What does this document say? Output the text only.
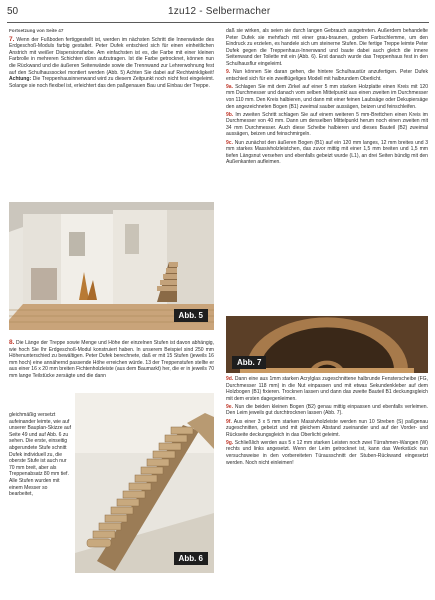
50	1zu12 - Selbermacher

Fortsetzung von Seite 47

7. Wenn der Fußboden fertiggestellt ist, werden im nächsten Schritt die Innenwände des Erdgeschoß-Moduls farbig gestaltet. Peter Dufek entschied sich für einen einheitlichen Anstrich mit weißer Dispersionsfarbe. Am einfachsten ist es, die Farbe mit einer kleinen Farbrolle in mehreren Schichten dünn aufzutragen. Ist die Farbe getrocknet, können nun die Rückwand und die äußeren Seitenwände sowie die Trennwand zur Lehrerwohnung fest auf den Schulhaussockel montiert werden (Abb. 5) Achten Sie dabei auf Rechtwinkligkeit! Achtung: Die Treppenhausinnenwand wird zu diesem Zeitpunkt noch nicht fest eingeleimt. Solange sie noch flexibel ist, erleichtert das den paßgenauen Bau und Einbau der Treppe.

Abb. 5

8. Die Länge der Treppe sowie Menge und Höhe der einzelnen Stufen ist davon abhängig, wie hoch Sie Ihr Erdgeschoß-Modul konstruiert haben. In unserem Beispiel sind 250 mm Höhenunterschied zu bewältigen. Peter Dufek berechnete, daß er mit 15 Stufen (jeweils 16 mm hoch) eine annähernd passende Höhe erreichen würde. 13 der Treppenstufen stellte er aus einer 16 x 20 mm breiten Fichtenholzleiste (aus dem Baumarkt) her, die er in jeweils 70 mm lange Teilstücke zersägte und die dann

gleichmäßig versetzt aufeinander leimte, wie auf unserer Bauplan-Skizze auf Seite 49 und auf Abb. 6 zu sehen. Die erste, einseitig abgerundete Stufe schnitt Dufek individuell zu, die oberste Stufe ist auch nur 70 mm breit, aber als Treppenabsatz 80 mm tief. Alle Stufen wurden mit einem Messer so bearbeitet,

Abb. 6

daß sie wirken, als seien sie durch langen Gebrauch ausgetreten. Außerdem behandelte Peter Dufek sie mehrfach mit einer grau-braunen, groben Farbschlemme, um den Eindruck zu erzielen, es handele sich um steinerne Stufen. Die fertige Treppe leimte Peter Dufek gegen die Treppenhaus-Innenwand und baute dabei auch gleich die innere Seitenwand der Toilette mit ein (Abb. 6). Erst danach wurde das Treppenhaus fest in den Schulhausflur eingeleimt.

9. Nun können Sie daran gehen, die hintere Schulhaustür anzufertigen. Peter Dufek entschied sich für ein zweiflügeliges Modell mit halbrundem Oberlicht.

9a. Schlagen Sie mit dem Zirkel auf einer 5 mm starken Holzplatte einen Kreis mit 120 mm Durchmesser und danach vom selben Mittelpunkt aus einen zweiten im Durchmesser von 110 mm. Den Kreis halbieren, und dann mit einer feinen Laubsäge oder Dekupiersäge den angezeichneten Bogen (B1) zweimal sauber aussägen, beizen und feinschleifen.

9b. Im zweiten Schritt schlagen Sie auf einem weiteren 5 mm-Brettchen einen Kreis im Durchmesser von 40 mm. Dann um denselben Mittelpunkt herum noch einen zweiten mit 34 mm Durchmesser. Auch diese Scheibe halbieren und dieses Bauteil (B2) zweimal aussägen, beizen und feinschmirgeln.

9c. Nun zunächst den äußeren Bogen (B1) auf ein 120 mm langes, 12 mm breites und 3 mm starkes Massivholzleistchen, das zuvor mittig mit einer 1,5 mm breiten und 1,5 mm tiefen Längsnut versehen und ebenfalls gebeizt wurde (L1), an drei Seiten bündig mit den Außenkanten aufleimen.

Abb. 7

9d. Dann eine aus 1mm starken Acrylglas zugeschnittene halbrunde Fensterscheibe (FG, Durchmesser 118 mm) in die Nut einpassen und mit etwas Sekundenkleber auf dem Holzbogen (B1) fixieren. Trocknen lassen und dann das zweite Bauteil B1 deckungsgleich mit dem ersten dagegenleimen.

9e. Nun die beiden kleinen Bogen (B2) genau mittig einpassen und ebenfalls verleimen. Den Leim jeweils gut durchtrocknen lassen (Abb. 7).

9f. Aus einer 3 x 5 mm starken Massivholzleiste werden nun 10 Streben (S) paßgenau zugeschnitten, gebeizt und mit gleichem Abstand zueinander und auf der Vorder- und Rückseite deckungsgleich in das Oberlicht geleimt.

9g. Schließlich werden aus 5 x 12 mm starken Leisten noch zwei Türrahmen-Wangen (W) rechts und links angesetzt. Wenn der Leim getrocknet ist, kann das Werkstück nun versuchsweise in den vorbereiteten Türausschnitt der Stuben-Rückwand eingesetzt werden. Noch nicht einleimen!
